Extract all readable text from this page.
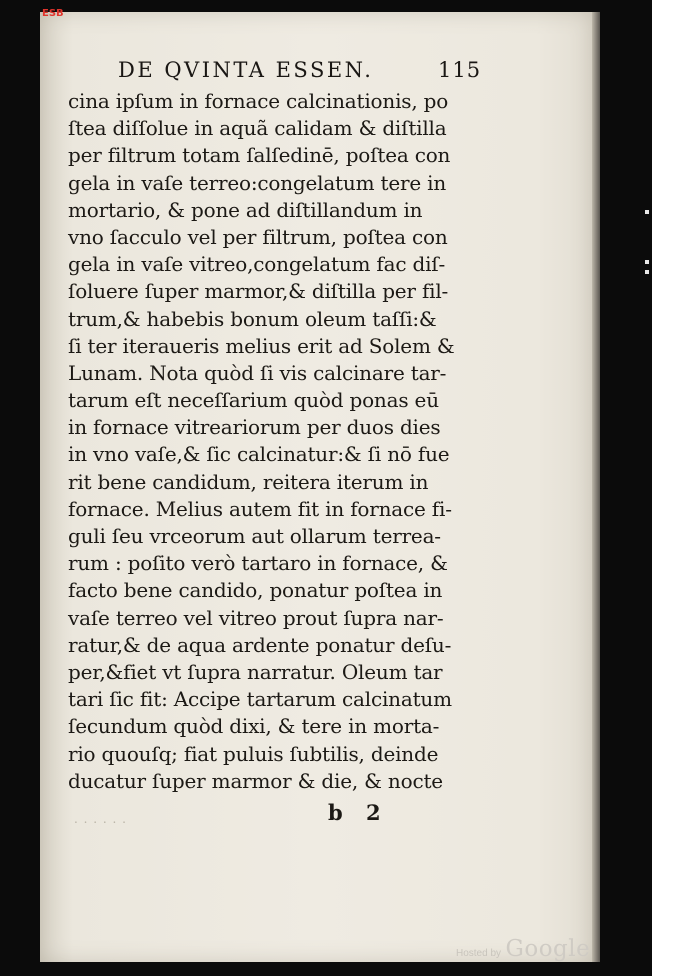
ESB
DE QVINTA ESSEN.	115
cina ipſum in fornace calcinationis, po
ſtea diſſolue in aquã calidam & diſtilla
per filtrum totam ſalſedinē, poſtea con
gela in vaſe terreo:congelatum tere in
mortario, & pone ad diſtillandum in
vno ſacculo vel per filtrum, poſtea con
gela in vaſe vitreo,congelatum fac diſ-
ſoluere ſuper marmor,& diſtilla per fil-
trum,& habebis bonum oleum taſſi:&
ſi ter iteraueris melius erit ad Solem &
Lunam. Nota quòd ſi vis calcinare tar-
tarum eſt neceſſarium quòd ponas eū
in fornace vitreariorum per duos dies
in vno vaſe,& ſic calcinatur:& ſi nō fue
rit bene candidum, reitera iterum in
fornace. Melius autem fit in fornace fi-
guli ſeu vrceorum aut ollarum terrea-
rum : poſito verò tartaro in fornace, &
facto bene candido, ponatur poſtea in
vaſe terreo vel vitreo prout ſupra nar-
ratur,& de aqua ardente ponatur deſu-
per,&fiet vt ſupra narratur. Oleum tar
tari ſic fit: Accipe tartarum calcinatum
ſecundum quòd dixi, & tere in morta-
rio quouſq; fiat puluis ſubtilis, deinde
ducatur ſuper marmor & die, & nocte
. . . . . .	b 2
Hosted by Google
